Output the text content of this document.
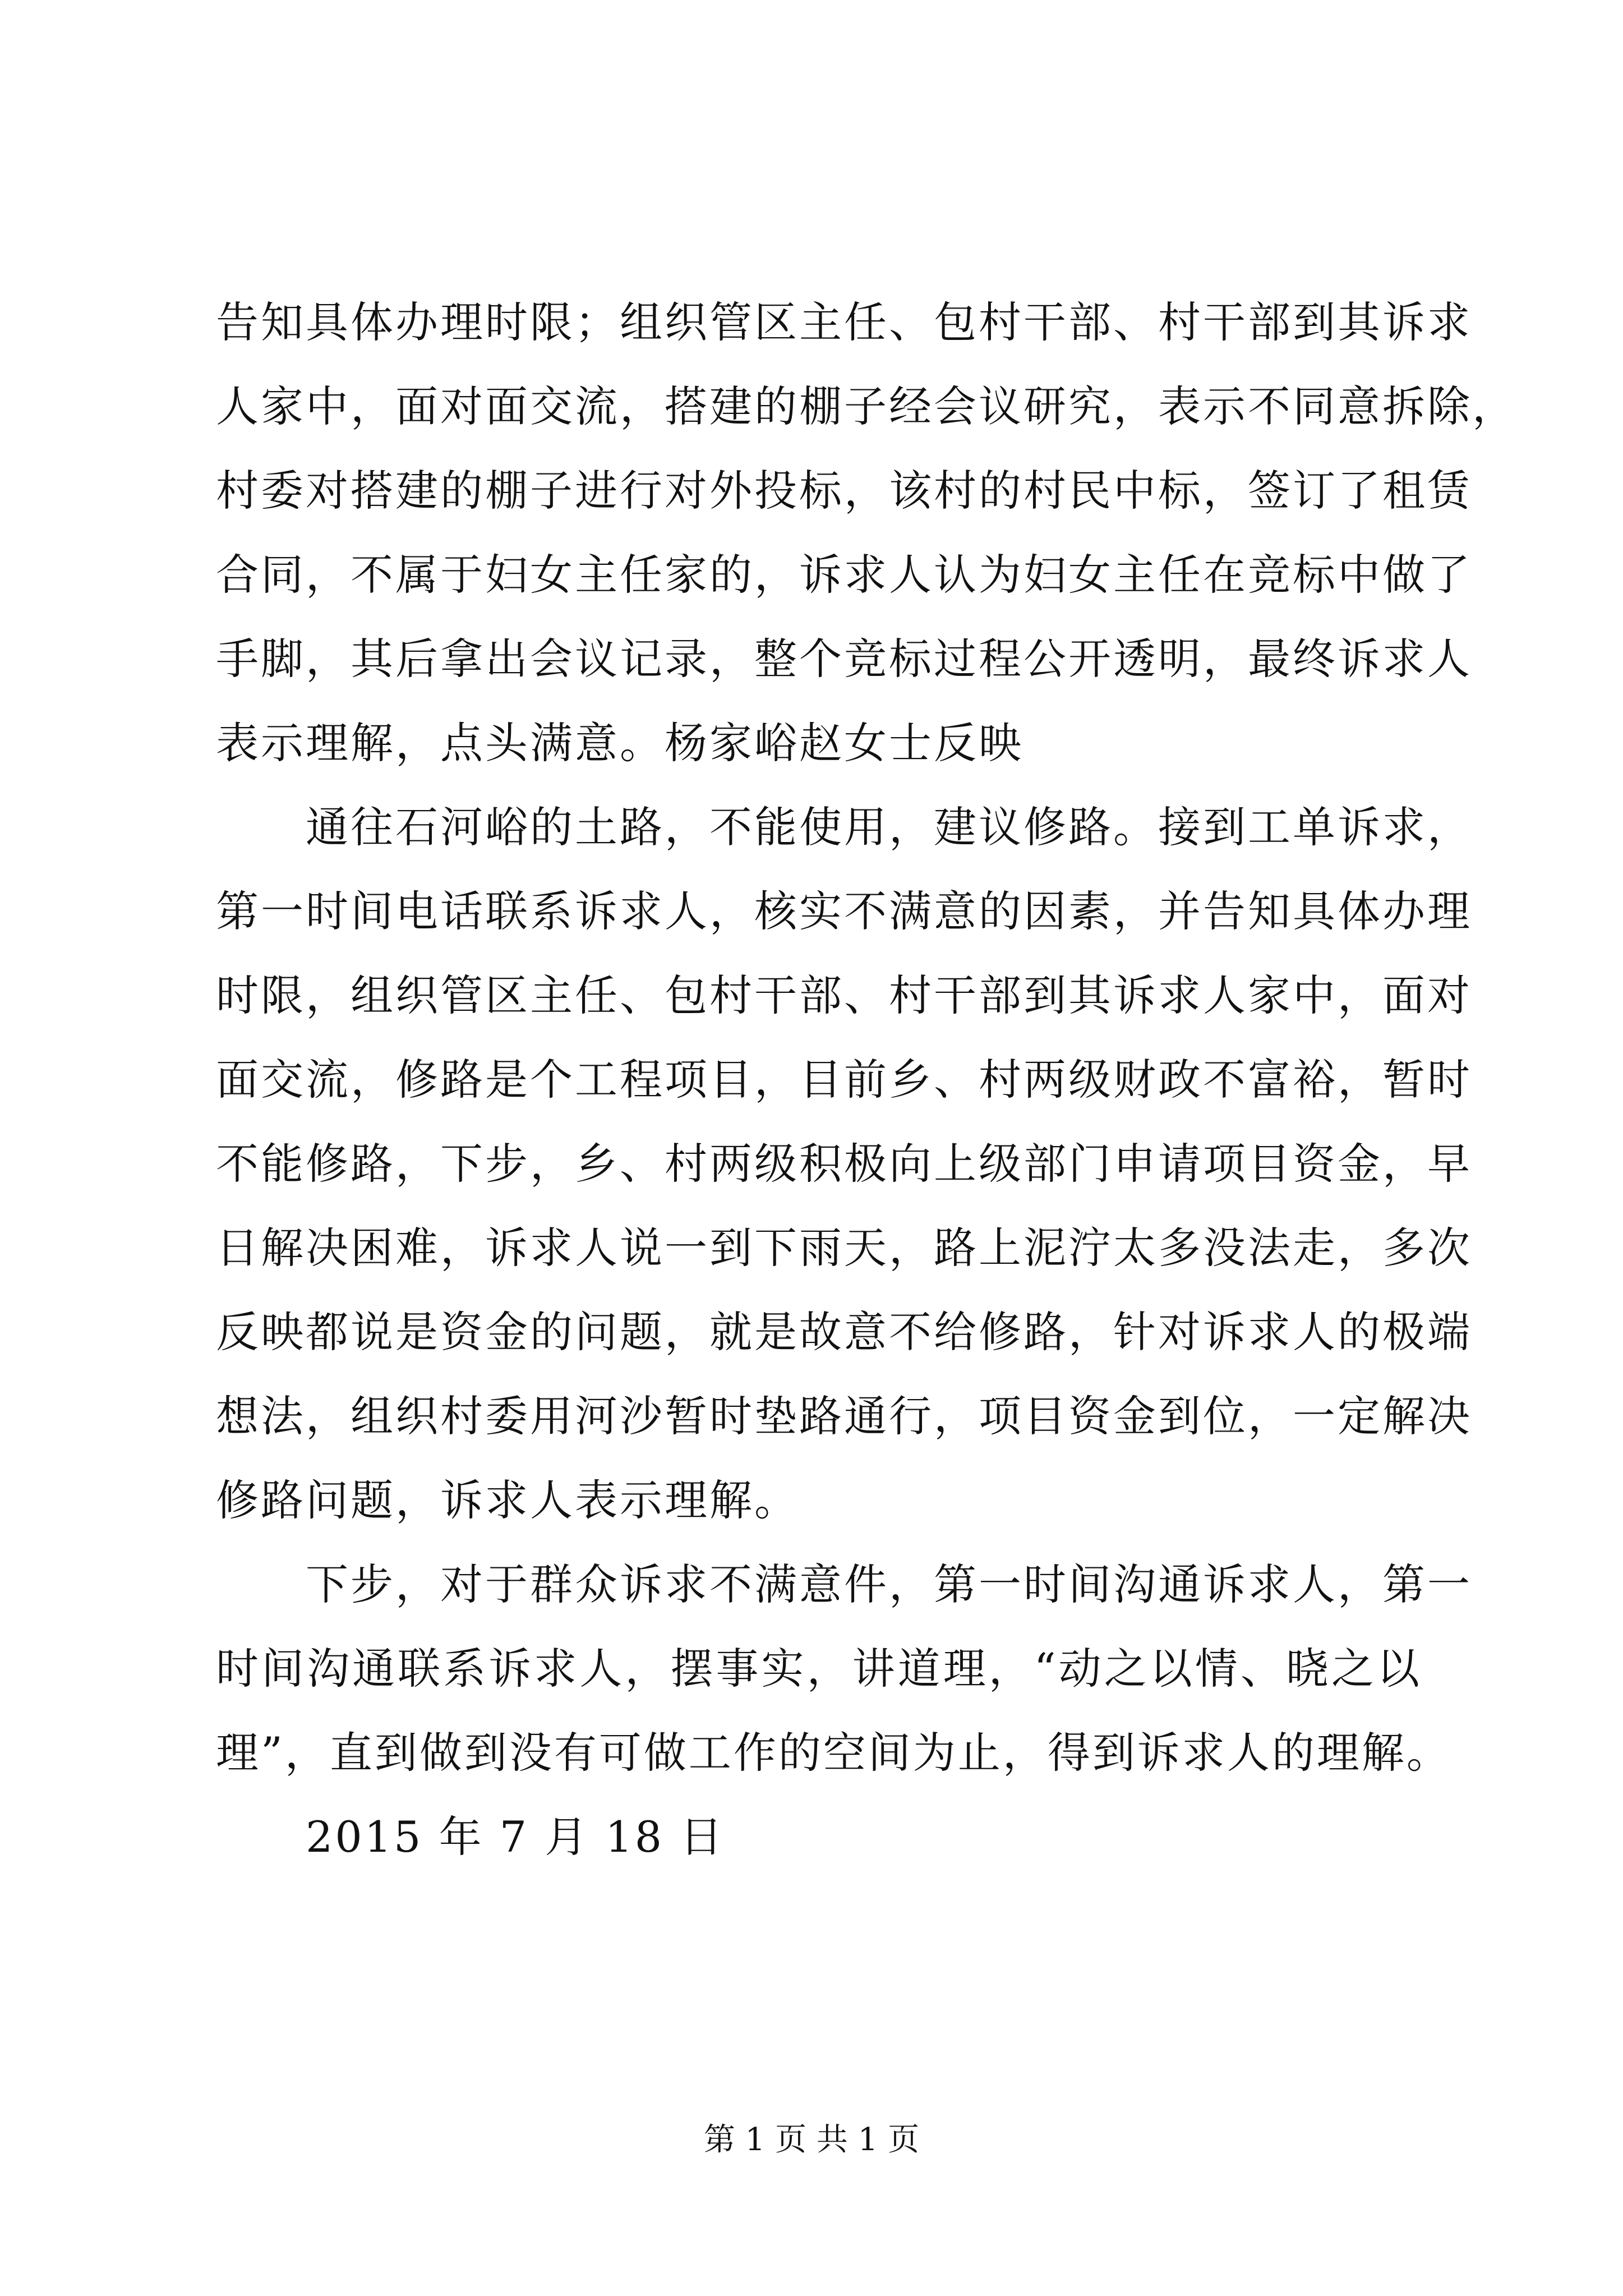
告知具体办理时限；组织管区主任、包村干部、村干部到其诉求
人家中，面对面交流，搭建的棚子经会议研究，表示不同意拆除，
村委对搭建的棚子进行对外投标，该村的村民中标，签订了租赁
合同，不属于妇女主任家的，诉求人认为妇女主任在竞标中做了
手脚，其后拿出会议记录，整个竞标过程公开透明，最终诉求人
表示理解，点头满意。杨家峪赵女士反映
通往石河峪的土路，不能使用，建议修路。接到工单诉求，
第一时间电话联系诉求人，核实不满意的因素，并告知具体办理
时限，组织管区主任、包村干部、村干部到其诉求人家中，面对
面交流，修路是个工程项目，目前乡、村两级财政不富裕，暂时
不能修路，下步，乡、村两级积极向上级部门申请项目资金，早
日解决困难，诉求人说一到下雨天，路上泥泞太多没法走，多次
反映都说是资金的问题，就是故意不给修路，针对诉求人的极端
想法，组织村委用河沙暂时垫路通行，项目资金到位，一定解决
修路问题，诉求人表示理解。
下步，对于群众诉求不满意件，第一时间沟通诉求人，第一
时间沟通联系诉求人，摆事实，讲道理，“动之以情、晓之以
理”，直到做到没有可做工作的空间为止，得到诉求人的理解。
2015 年 7 月 18 日
第 1 页 共 1 页
